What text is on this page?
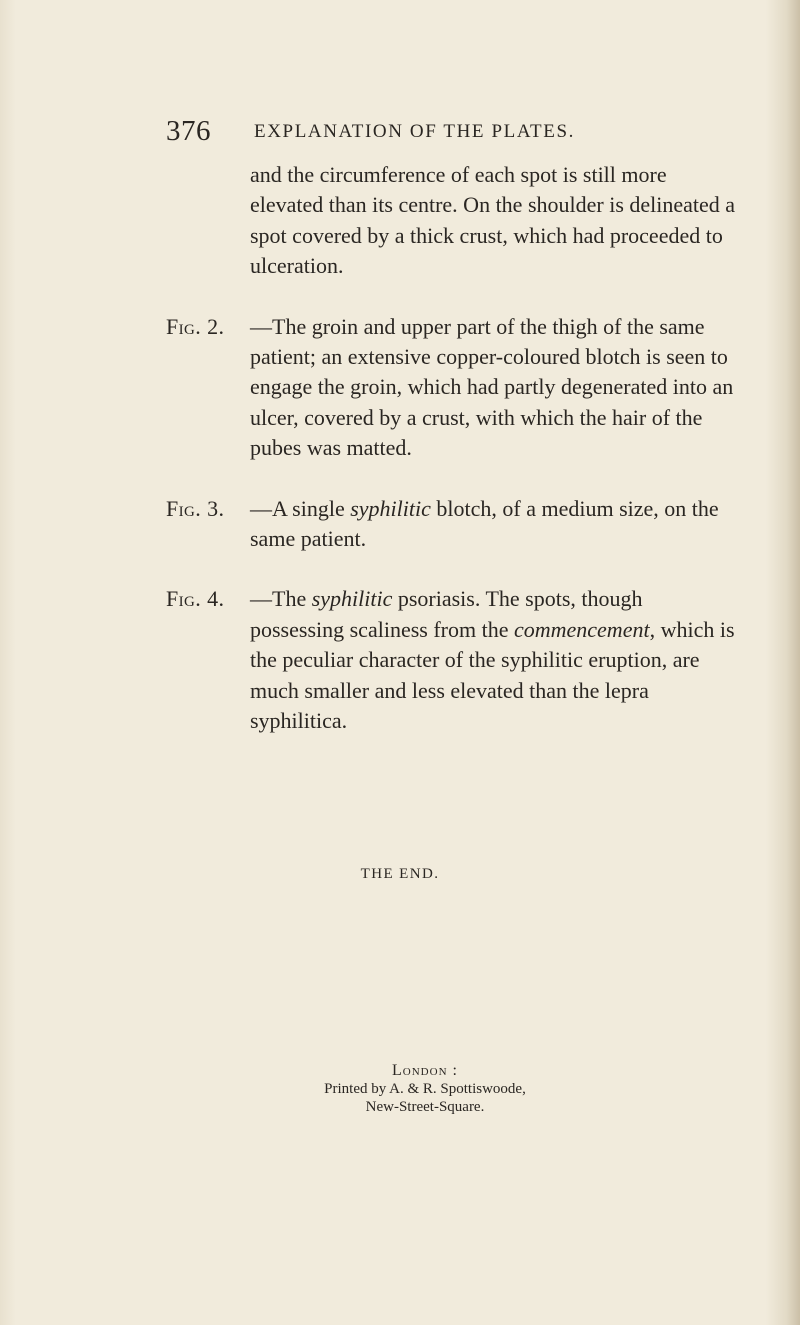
376 EXPLANATION OF THE PLATES.

and the circumference of each spot is still more elevated than its centre. On the shoulder is delineated a spot covered by a thick crust, which had proceeded to ulceration.

Fig. 2. —The groin and upper part of the thigh of the same patient; an extensive copper-coloured blotch is seen to engage the groin, which had partly degenerated into an ulcer, covered by a crust, with which the hair of the pubes was matted.
Fig. 3. —A single syphilitic blotch, of a medium size, on the same patient.
Fig. 4. —The syphilitic psoriasis. The spots, though possessing scaliness from the commencement, which is the peculiar character of the syphilitic eruption, are much smaller and less elevated than the lepra syphilitica.
THE END.
London :
Printed by A. & R. Spottiswoode,
New-Street-Square.
